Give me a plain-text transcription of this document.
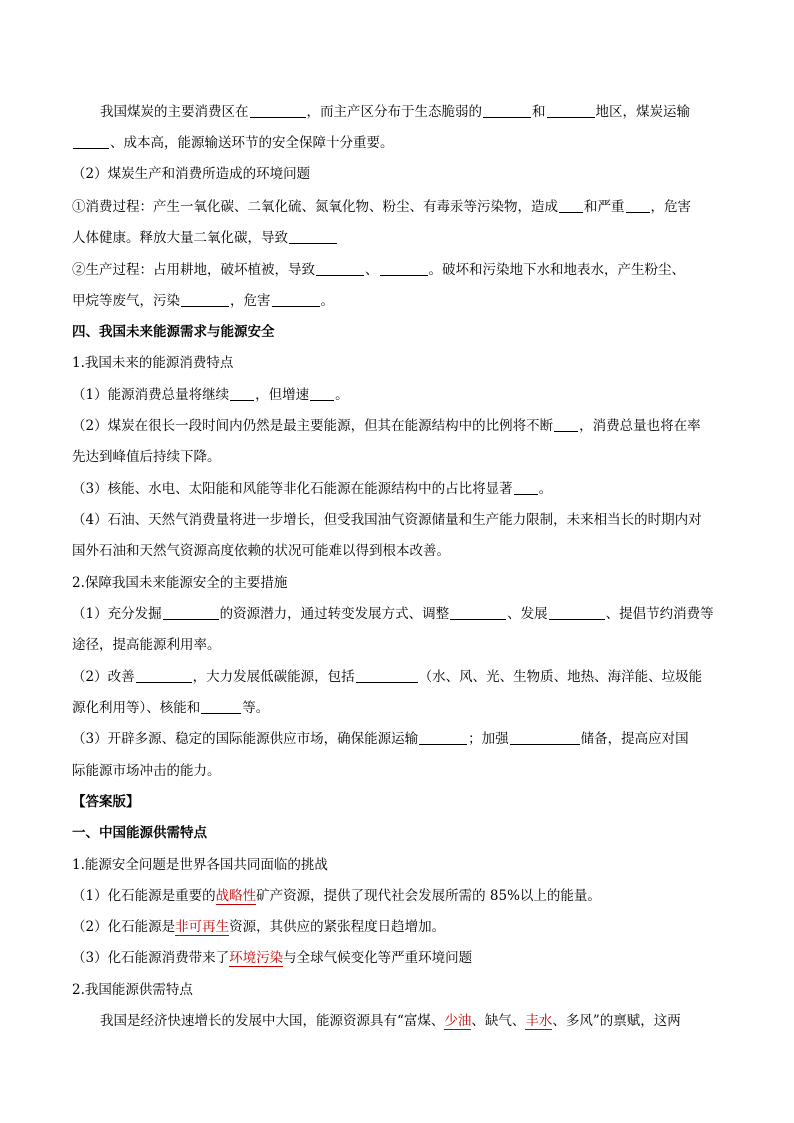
我国煤炭的主要消费区在	，而主产区分布于生态脆弱的	和	地区，煤炭运输
、成本高，能源输送环节的安全保障十分重要。
（2）煤炭生产和消费所造成的环境问题
①消费过程：产生一氧化碳、二氧化硫、氮氧化物、粉尘、有毒汞等污染物，造成 和严重 ，危害
人体健康。释放大量二氧化碳，导致
②生产过程：占用耕地，破坏植被，导致	、	。破坏和污染地下水和地表水，产生粉尘、
甲烷等废气，污染	，危害	。
四、我国未来能源需求与能源安全
1.我国未来的能源消费特点
（1）能源消费总量将继续 ，但增速 。
（2）煤炭在很长一段时间内仍然是最主要能源，但其在能源结构中的比例将不断 ，消费总量也将在率
先达到峰值后持续下降。
（3）核能、水电、太阳能和风能等非化石能源在能源结构中的占比将显著 。
（4）石油、天然气消费量将进一步增长，但受我国油气资源储量和生产能力限制，未来相当长的时期内对
国外石油和天然气资源高度依赖的状况可能难以得到根本改善。
2.保障我国未来能源安全的主要措施
（1）充分发掘	的资源潜力，通过转变发展方式、调整	、发展	、提倡节约消费等
途径，提高能源利用率。
（2）改善	，大力发展低碳能源，包括	（水、风、光、生物质、地热、海洋能、垃圾能
源化利用等）、核能和	等。
（3）开辟多源、稳定的国际能源供应市场，确保能源运输	；加强	储备，提高应对国
际能源市场冲击的能力。
【答案版】
一、中国能源供需特点
1.能源安全问题是世界各国共同面临的挑战
（1）化石能源是重要的战略性矿产资源，提供了现代社会发展所需的 85%以上的能量。
（2）化石能源是非可再生资源，其供应的紧张程度日趋增加。
（3）化石能源消费带来了环境污染与全球气候变化等严重环境问题
2.我国能源供需特点
我国是经济快速增长的发展中大国，能源资源具有“富煤、少油、缺气、丰水、多风”的禀赋，这两
